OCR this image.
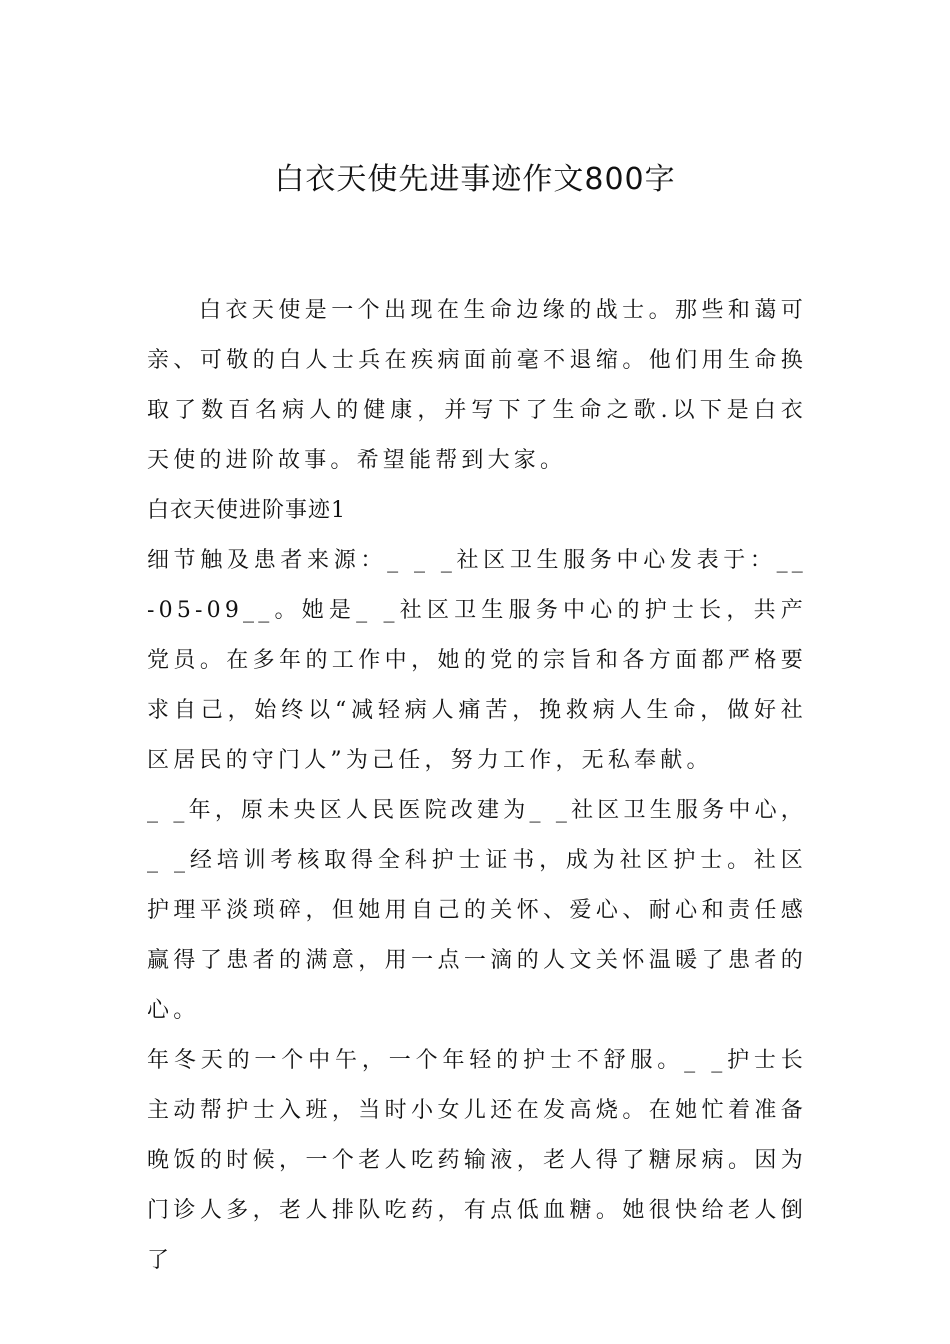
白衣天使先进事迹作文800字

白衣天使是一个出现在生命边缘的战士。那些和蔼可亲、可敬的白人士兵在疾病面前毫不退缩。他们用生命换取了数百名病人的健康，并写下了生命之歌.以下是白衣天使的进阶故事。希望能帮到大家。

白衣天使进阶事迹1

细节触及患者来源：_ _ _社区卫生服务中心发表于：__-05-09__。她是_ _社区卫生服务中心的护士长，共产党员。在多年的工作中，她的党的宗旨和各方面都严格要求自己，始终以“减轻病人痛苦，挽救病人生命，做好社区居民的守门人”为己任，努力工作，无私奉献。

_ _年，原未央区人民医院改建为_ _社区卫生服务中心，_ _经培训考核取得全科护士证书，成为社区护士。社区护理平淡琐碎，但她用自己的关怀、爱心、耐心和责任感赢得了患者的满意，用一点一滴的人文关怀温暖了患者的心。

年冬天的一个中午，一个年轻的护士不舒服。_ _护士长主动帮护士入班，当时小女儿还在发高烧。在她忙着准备晚饭的时候，一个老人吃药输液，老人得了糖尿病。因为门诊人多，老人排队吃药，有点低血糖。她很快给老人倒了
